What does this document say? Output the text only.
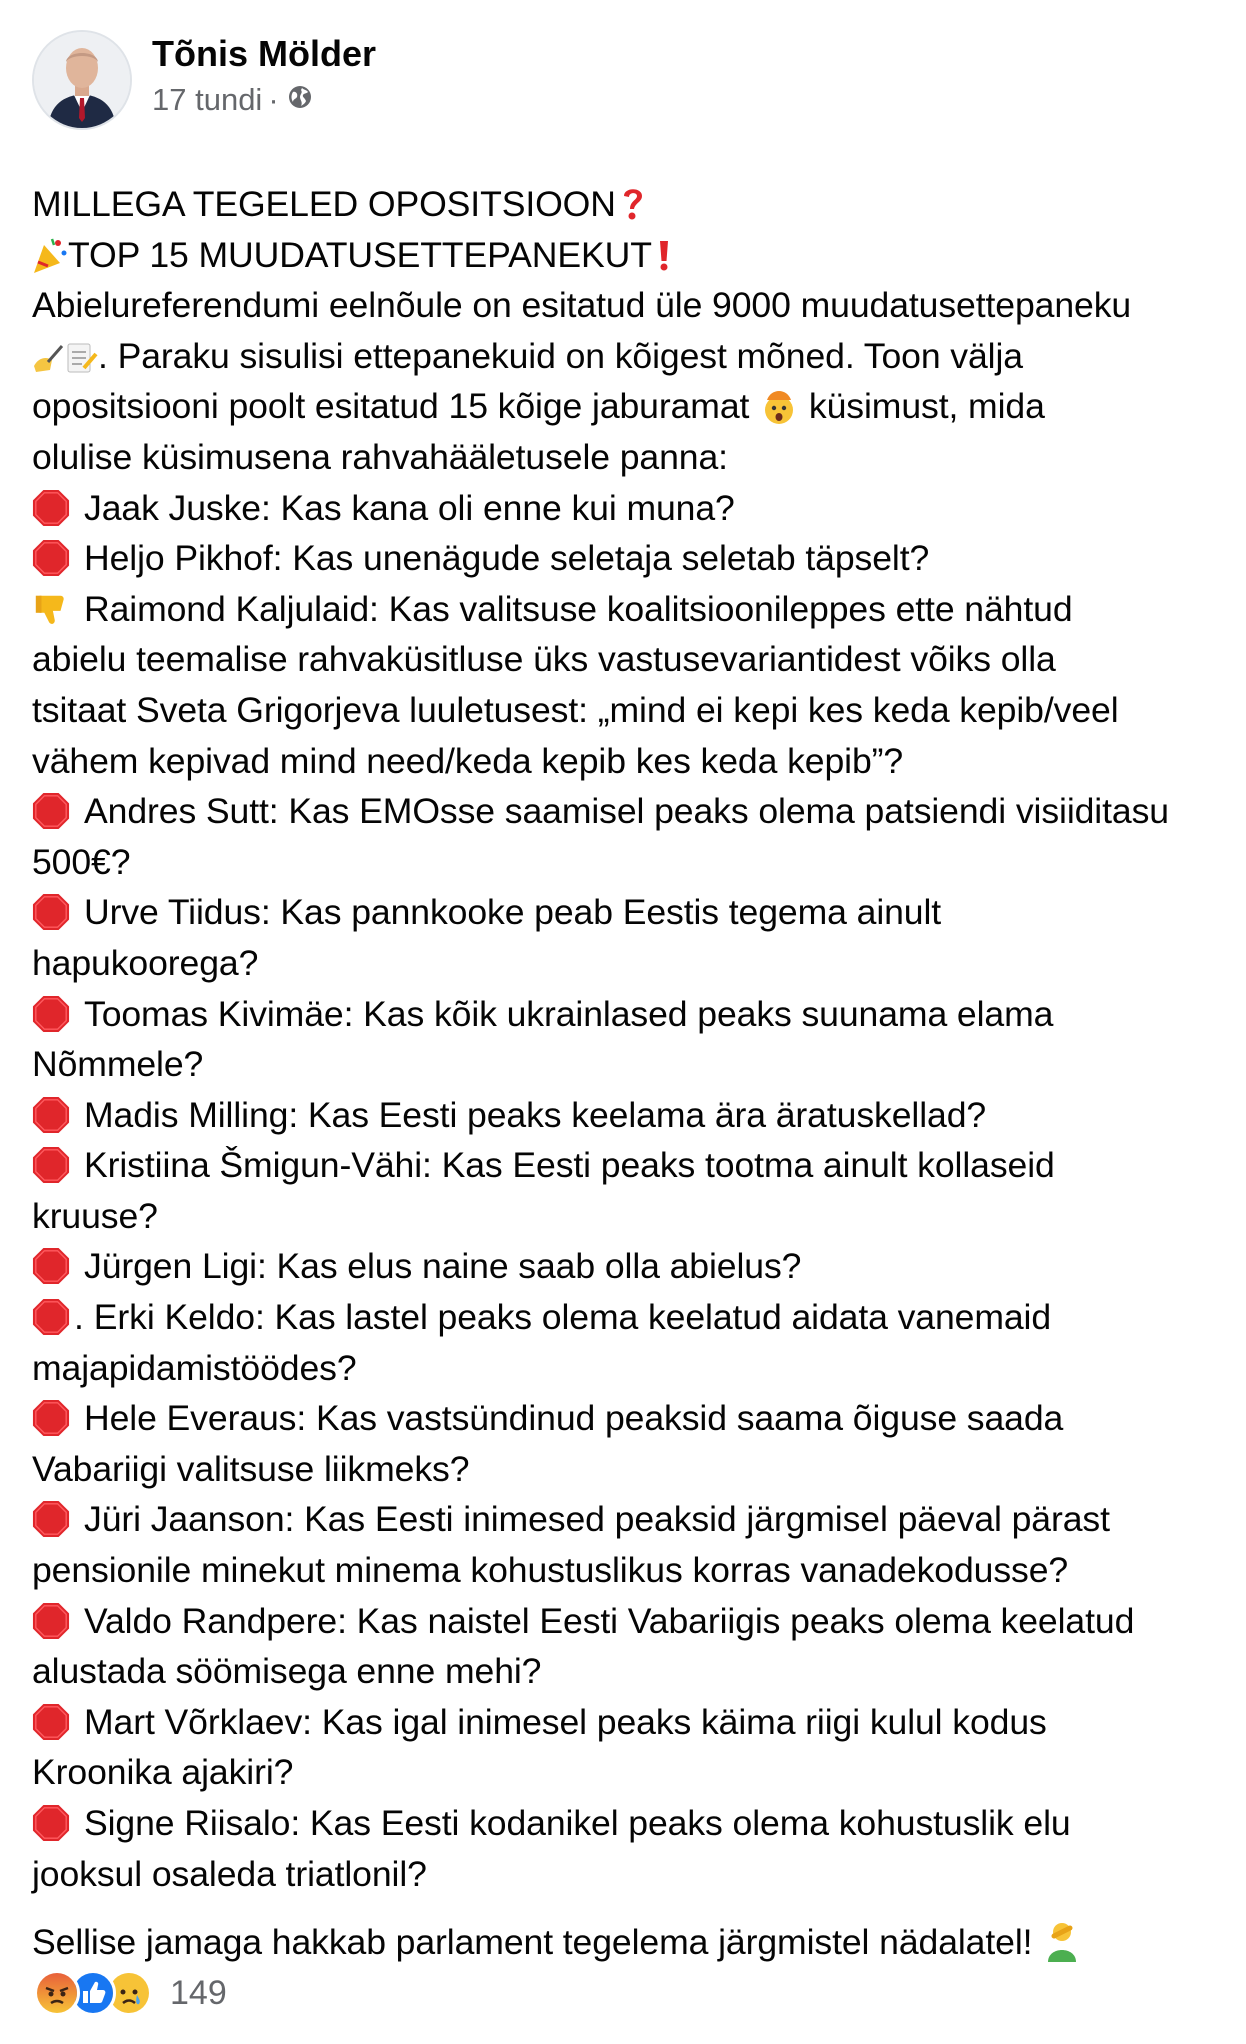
Tõnis Mölder
17 tundi ·
MILLEGA TEGELED OPOSITSIOON
TOP 15 MUUDATUSETTEPANEKUT
Abielureferendumi eelnõule on esitatud üle 9000 muudatusettepaneku
. Paraku sisulisi ettepanekuid on kõigest mõned. Toon välja
opositsiooni poolt esitatud 15 kõige jaburamat küsimust, mida
olulise küsimusena rahvahääletusele panna:
Jaak Juske: Kas kana oli enne kui muna?
Heljo Pikhof: Kas unenägude seletaja seletab täpselt?
Raimond Kaljulaid: Kas valitsuse koalitsioonileppes ette nähtud
abielu teemalise rahvaküsitluse üks vastusevariantidest võiks olla
tsitaat Sveta Grigorjeva luuletusest: „mind ei kepi kes keda kepib/veel
vähem kepivad mind need/keda kepib kes keda kepib”?
Andres Sutt: Kas EMOsse saamisel peaks olema patsiendi visiiditasu
500€?
Urve Tiidus: Kas pannkooke peab Eestis tegema ainult
hapukoorega?
Toomas Kivimäe: Kas kõik ukrainlased peaks suunama elama
Nõmmele?
Madis Milling: Kas Eesti peaks keelama ära äratuskellad?
Kristiina Šmigun-Vähi: Kas Eesti peaks tootma ainult kollaseid
kruuse?
Jürgen Ligi: Kas elus naine saab olla abielus?
. Erki Keldo: Kas lastel peaks olema keelatud aidata vanemaid
majapidamistöödes?
Hele Everaus: Kas vastsündinud peaksid saama õiguse saada
Vabariigi valitsuse liikmeks?
Jüri Jaanson: Kas Eesti inimesed peaksid järgmisel päeval pärast
pensionile minekut minema kohustuslikus korras vanadekodusse?
Valdo Randpere: Kas naistel Eesti Vabariigis peaks olema keelatud
alustada söömisega enne mehi?
Mart Võrklaev: Kas igal inimesel peaks käima riigi kulul kodus
Kroonika ajakiri?
Signe Riisalo: Kas Eesti kodanikel peaks olema kohustuslik elu
jooksul osaleda triatlonil?
Sellise jamaga hakkab parlament tegelema järgmistel nädalatel!
149
